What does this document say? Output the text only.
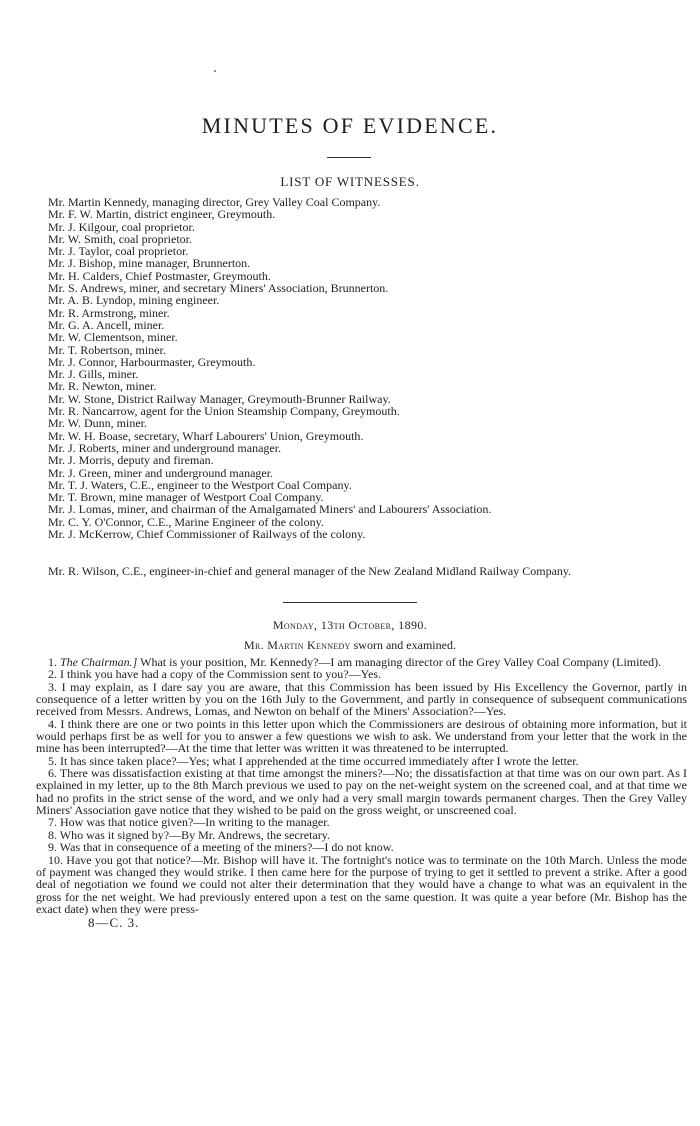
MINUTES OF EVIDENCE.
LIST OF WITNESSES.
Mr. Martin Kennedy, managing director, Grey Valley Coal Company.
Mr. F. W. Martin, district engineer, Greymouth.
Mr. J. Kilgour, coal proprietor.
Mr. W. Smith, coal proprietor.
Mr. J. Taylor, coal proprietor.
Mr. J. Bishop, mine manager, Brunnerton.
Mr. H. Calders, Chief Postmaster, Greymouth.
Mr. S. Andrews, miner, and secretary Miners' Association, Brunnerton.
Mr. A. B. Lyndop, mining engineer.
Mr. R. Armstrong, miner.
Mr. G. A. Ancell, miner.
Mr. W. Clementson, miner.
Mr. T. Robertson, miner.
Mr. J. Connor, Harbourmaster, Greymouth.
Mr. J. Gills, miner.
Mr. R. Newton, miner.
Mr. W. Stone, District Railway Manager, Greymouth-Brunner Railway.
Mr. R. Nancarrow, agent for the Union Steamship Company, Greymouth.
Mr. W. Dunn, miner.
Mr. W. H. Boase, secretary, Wharf Labourers' Union, Greymouth.
Mr. J. Roberts, miner and underground manager.
Mr. J. Morris, deputy and fireman.
Mr. J. Green, miner and underground manager.
Mr. T. J. Waters, C.E., engineer to the Westport Coal Company.
Mr. T. Brown, mine manager of Westport Coal Company.
Mr. J. Lomas, miner, and chairman of the Amalgamated Miners' and Labourers' Association.
Mr. C. Y. O'Connor, C.E., Marine Engineer of the colony.
Mr. J. McKerrow, Chief Commissioner of Railways of the colony.

Mr. R. Wilson, C.E., engineer-in-chief and general manager of the New Zealand Midland Railway Company.

Monday, 13th October, 1890.

Mr. Martin Kennedy sworn and examined.

1. The Chairman.] What is your position, Mr. Kennedy?—I am managing director of the Grey Valley Coal Company (Limited).

2. I think you have had a copy of the Commission sent to you?—Yes.

3. I may explain, as I dare say you are aware, that this Commission has been issued by His Excellency the Governor, partly in consequence of a letter written by you on the 16th July to the Government, and partly in consequence of subsequent communications received from Messrs. Andrews, Lomas, and Newton on behalf of the Miners' Association?—Yes.

4. I think there are one or two points in this letter upon which the Commissioners are desirous of obtaining more information, but it would perhaps first be as well for you to answer a few questions we wish to ask. We understand from your letter that the work in the mine has been interrupted?—At the time that letter was written it was threatened to be interrupted.

5. It has since taken place?—Yes; what I apprehended at the time occurred immediately after I wrote the letter.

6. There was dissatisfaction existing at that time amongst the miners?—No; the dissatisfaction at that time was on our own part. As I explained in my letter, up to the 8th March previous we used to pay on the net-weight system on the screened coal, and at that time we had no profits in the strict sense of the word, and we only had a very small margin towards permanent charges. Then the Grey Valley Miners' Association gave notice that they wished to be paid on the gross weight, or unscreened coal.

7. How was that notice given?—In writing to the manager.

8. Who was it signed by?—By Mr. Andrews, the secretary.

9. Was that in consequence of a meeting of the miners?—I do not know.

10. Have you got that notice?—Mr. Bishop will have it. The fortnight's notice was to terminate on the 10th March. Unless the mode of payment was changed they would strike. I then came here for the purpose of trying to get it settled to prevent a strike. After a good deal of negotiation we found we could not alter their determination that they would have a change to what was an equivalent in the gross for the net weight. We had previously entered upon a test on the same question. It was quite a year before (Mr. Bishop has the exact date) when they were press-

8—C. 3.
